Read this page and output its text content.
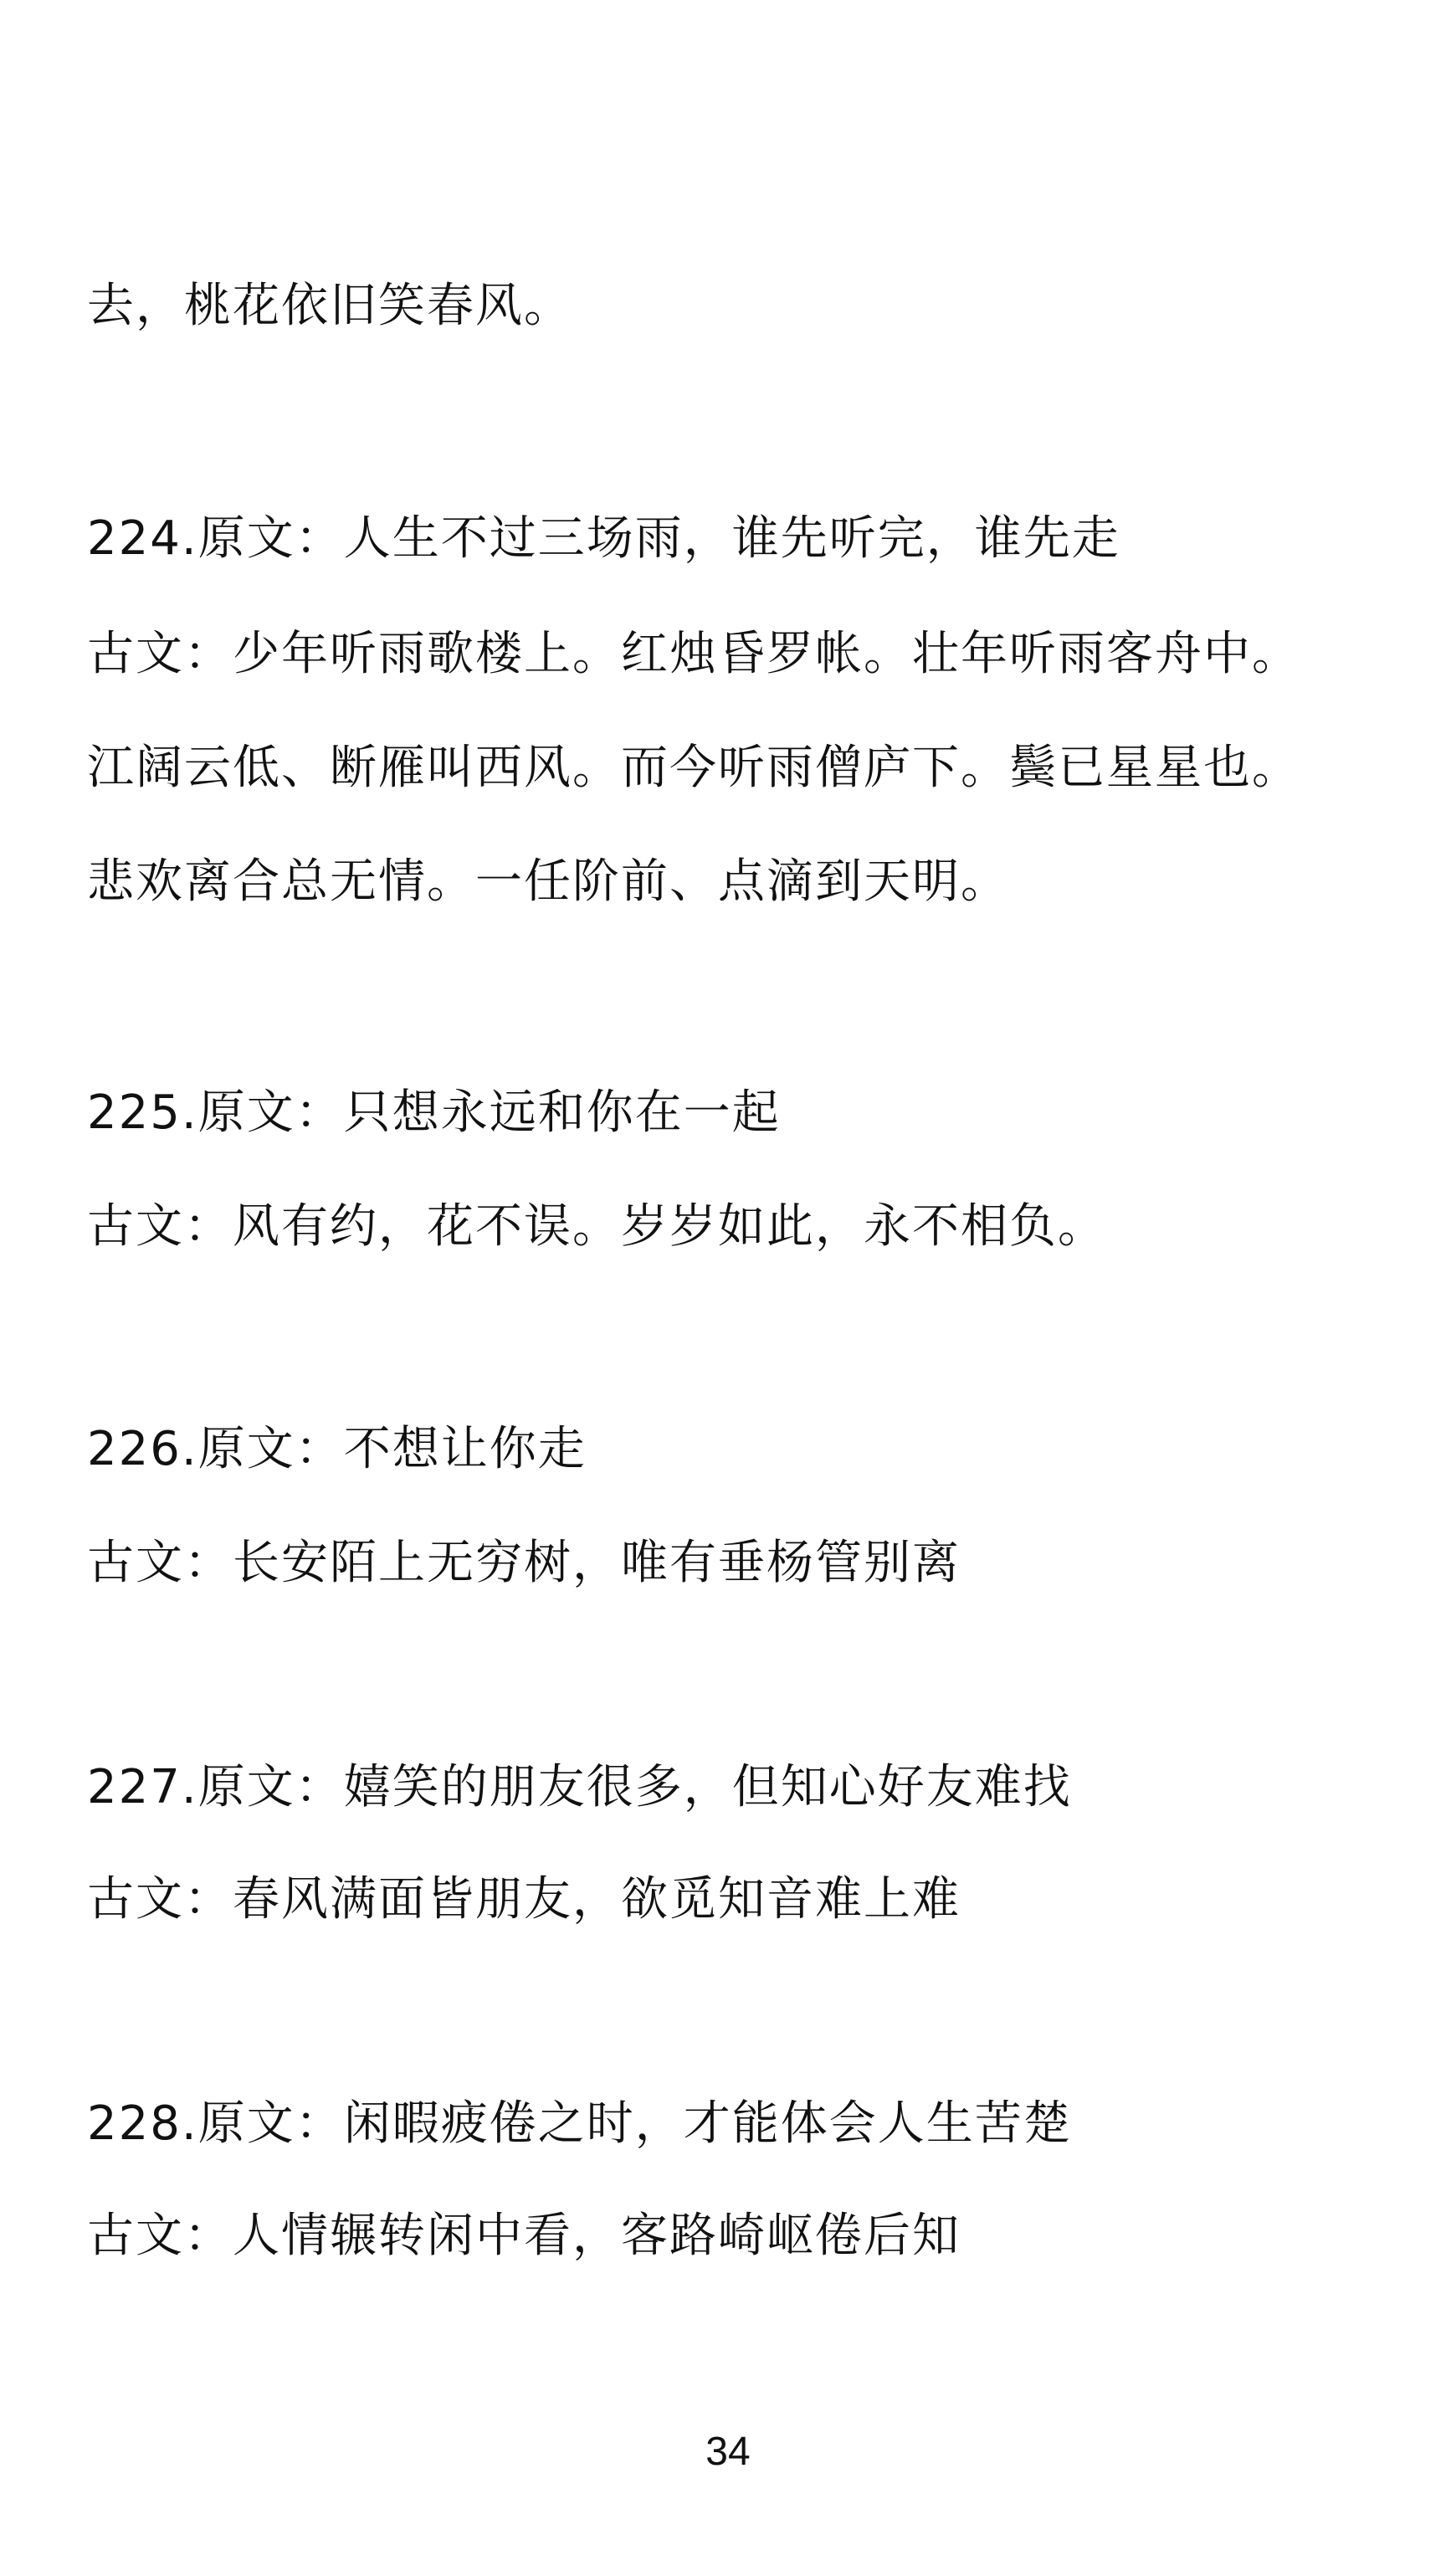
去，桃花依旧笑春风。

224.原文：人生不过三场雨，谁先听完，谁先走

古文：少年听雨歌楼上。红烛昏罗帐。壮年听雨客舟中。

江阔云低、断雁叫西风。而今听雨僧庐下。鬓已星星也。

悲欢离合总无情。一任阶前、点滴到天明。

225.原文：只想永远和你在一起

古文：风有约，花不误。岁岁如此，永不相负。

226.原文：不想让你走

古文：长安陌上无穷树，唯有垂杨管别离

227.原文：嬉笑的朋友很多，但知心好友难找

古文：春风满面皆朋友，欲觅知音难上难

228.原文：闲暇疲倦之时，才能体会人生苦楚

古文：人情辗转闲中看，客路崎岖倦后知

34
